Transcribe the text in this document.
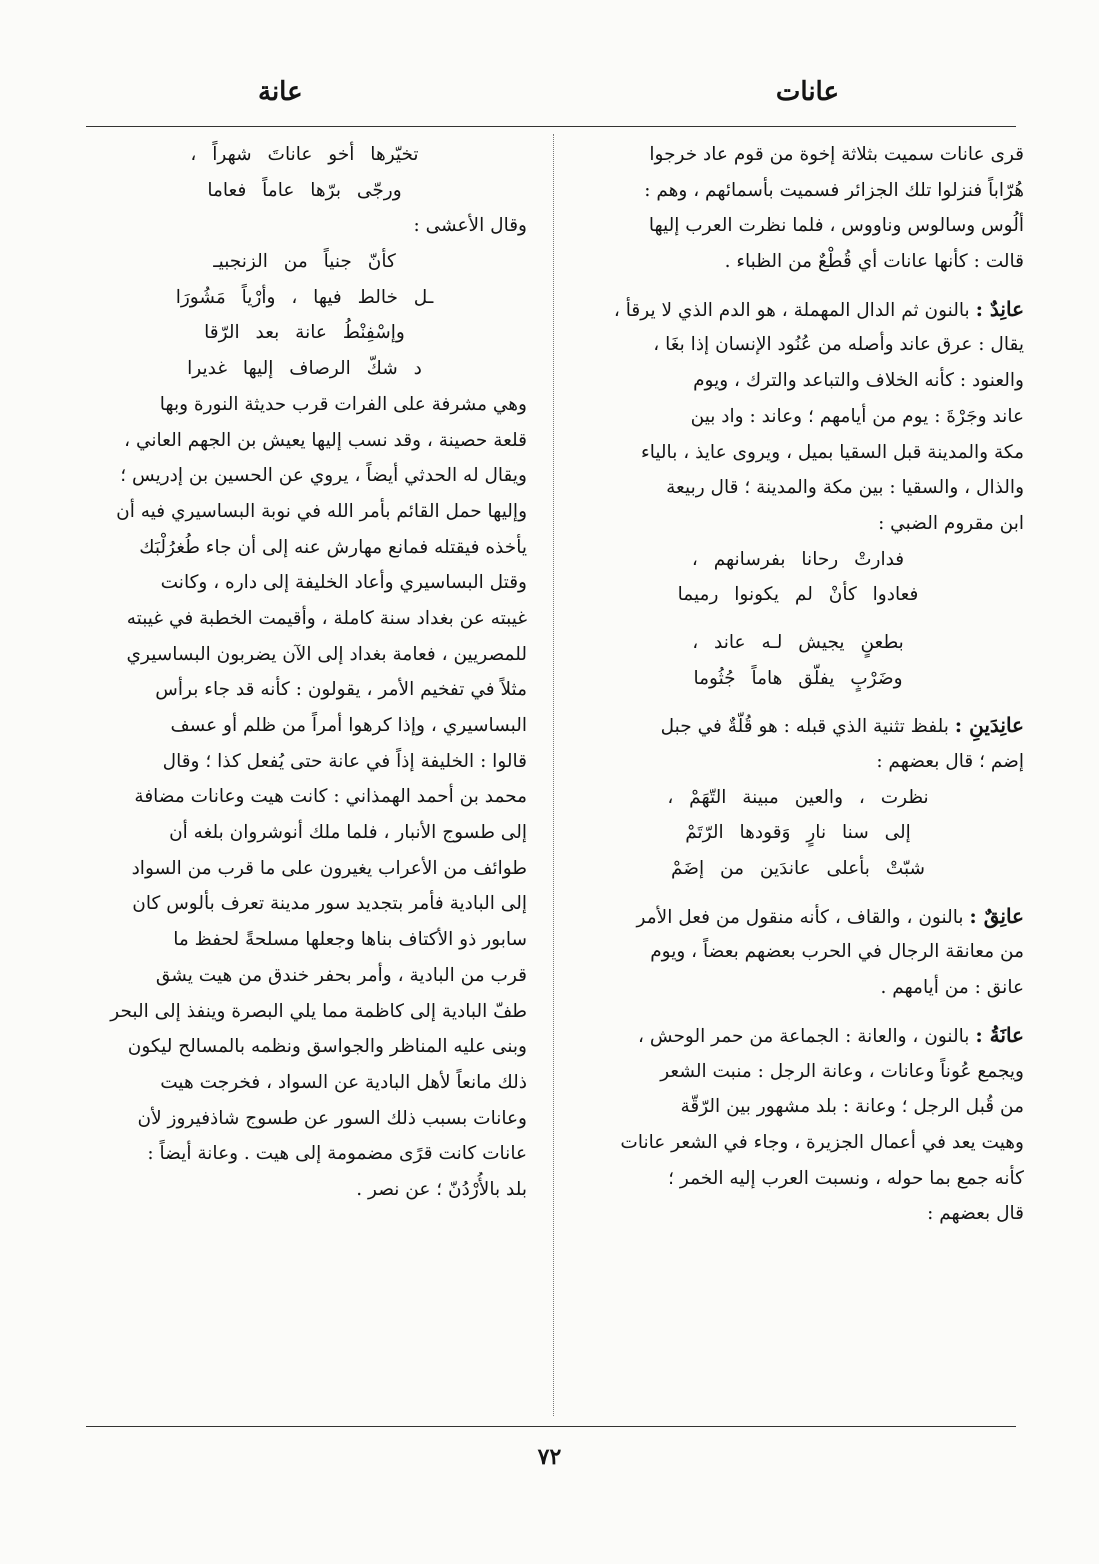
عانات
عانة
قرى عانات سميت بثلاثة إخوة من قوم عاد خرجوا
هُرّاباً فنزلوا تلك الجزائر فسميت بأسمائهم ، وهم :
ألُوس وسالوس وناووس ، فلما نظرت العرب إليها
قالت : كأنها عانات أي قُطْعٌ من الظباء .
عانِدٌ : بالنون ثم الدال المهملة ، هو الدم الذي لا يرقأ ،
يقال : عرق عاند وأصله من عُنُود الإنسان إذا بغَا ،
والعنود : كأنه الخلاف والتباعد والترك ، ويوم
عاند وجَرْةَ : يوم من أيامهم ؛ وعاند : واد بين
مكة والمدينة قبل السقيا بميل ، ويروى عايذ ، بالياء
والذال ، والسقيا : بين مكة والمدينة ؛ قال ربيعة
ابن مقروم الضبي :
فدارتْ رحانا بفرسانهم ،
فعادوا كأنْ لم يكونوا رميما
بطعنٍ يجيش لـه عاند ،
وضَرْبٍ يفلّق هاماً جُثُوما
عانِدَينِ : بلفظ تثنية الذي قبله : هو قُلّةٌ في جبل
إضم ؛ قال بعضهم :
نظرت ، والعين مبينة التّهَمْ ،
إلى سنا نارٍ وَقودها الرّتَمْ
شبّتْ بأعلى عاندَين من إضَمْ
عانِقٌ : بالنون ، والقاف ، كأنه منقول من فعل الأمر
من معانقة الرجال في الحرب بعضهم بعضاً ، ويوم
عانق : من أيامهم .
عانَةُ : بالنون ، والعانة : الجماعة من حمر الوحش ،
ويجمع عُوناً وعانات ، وعانة الرجل : منبت الشعر
من قُبل الرجل ؛ وعانة : بلد مشهور بين الرّقّة
وهيت يعد في أعمال الجزيرة ، وجاء في الشعر عانات
كأنه جمع بما حوله ، ونسبت العرب إليه الخمر ؛
قال بعضهم :
تخيّرها أخو عاناتَ شهراً ،
ورجّى برّها عاماً فعاما
وقال الأعشى :
كأنّ جنياً من الزنجبيـ
ـل خالط فيها ، وأرْياً مَشُورَا
وإسْفِنْطُ عانة بعد الرّقا
د شكّ الرصاف إليها غديرا
وهي مشرفة على الفرات قرب حديثة النورة وبها
قلعة حصينة ، وقد نسب إليها يعيش بن الجهم العاني ،
ويقال له الحدثي أيضاً ، يروي عن الحسين بن إدريس ؛
وإليها حمل القائم بأمر الله في نوبة البساسيري فيه أن
يأخذه فيقتله فمانع مهارش عنه إلى أن جاء طُغرُلْبَك
وقتل البساسيري وأعاد الخليفة إلى داره ، وكانت
غيبته عن بغداد سنة كاملة ، وأقيمت الخطبة في غيبته
للمصريين ، فعامة بغداد إلى الآن يضربون البساسيري
مثلاً في تفخيم الأمر ، يقولون : كأنه قد جاء برأس
البساسيري ، وإذا كرهوا أمراً من ظلم أو عسف
قالوا : الخليفة إذاً في عانة حتى يُفعل كذا ؛ وقال
محمد بن أحمد الهمذاني : كانت هيت وعانات مضافة
إلى طسوج الأنبار ، فلما ملك أنوشروان بلغه أن
طوائف من الأعراب يغيرون على ما قرب من السواد
إلى البادية فأمر بتجديد سور مدينة تعرف بألوس كان
سابور ذو الأكتاف بناها وجعلها مسلحةً لحفظ ما
قرب من البادية ، وأمر بحفر خندق من هيت يشق
طفّ البادية إلى كاظمة مما يلي البصرة وينفذ إلى البحر
وبنى عليه المناظر والجواسق ونظمه بالمسالح ليكون
ذلك مانعاً لأهل البادية عن السواد ، فخرجت هيت
وعانات بسبب ذلك السور عن طسوج شاذفيروز لأن
عانات كانت قرًى مضمومة إلى هيت . وعانة أيضاً :
بلد بالأُرْدُنّ ؛ عن نصر .
٧٢
